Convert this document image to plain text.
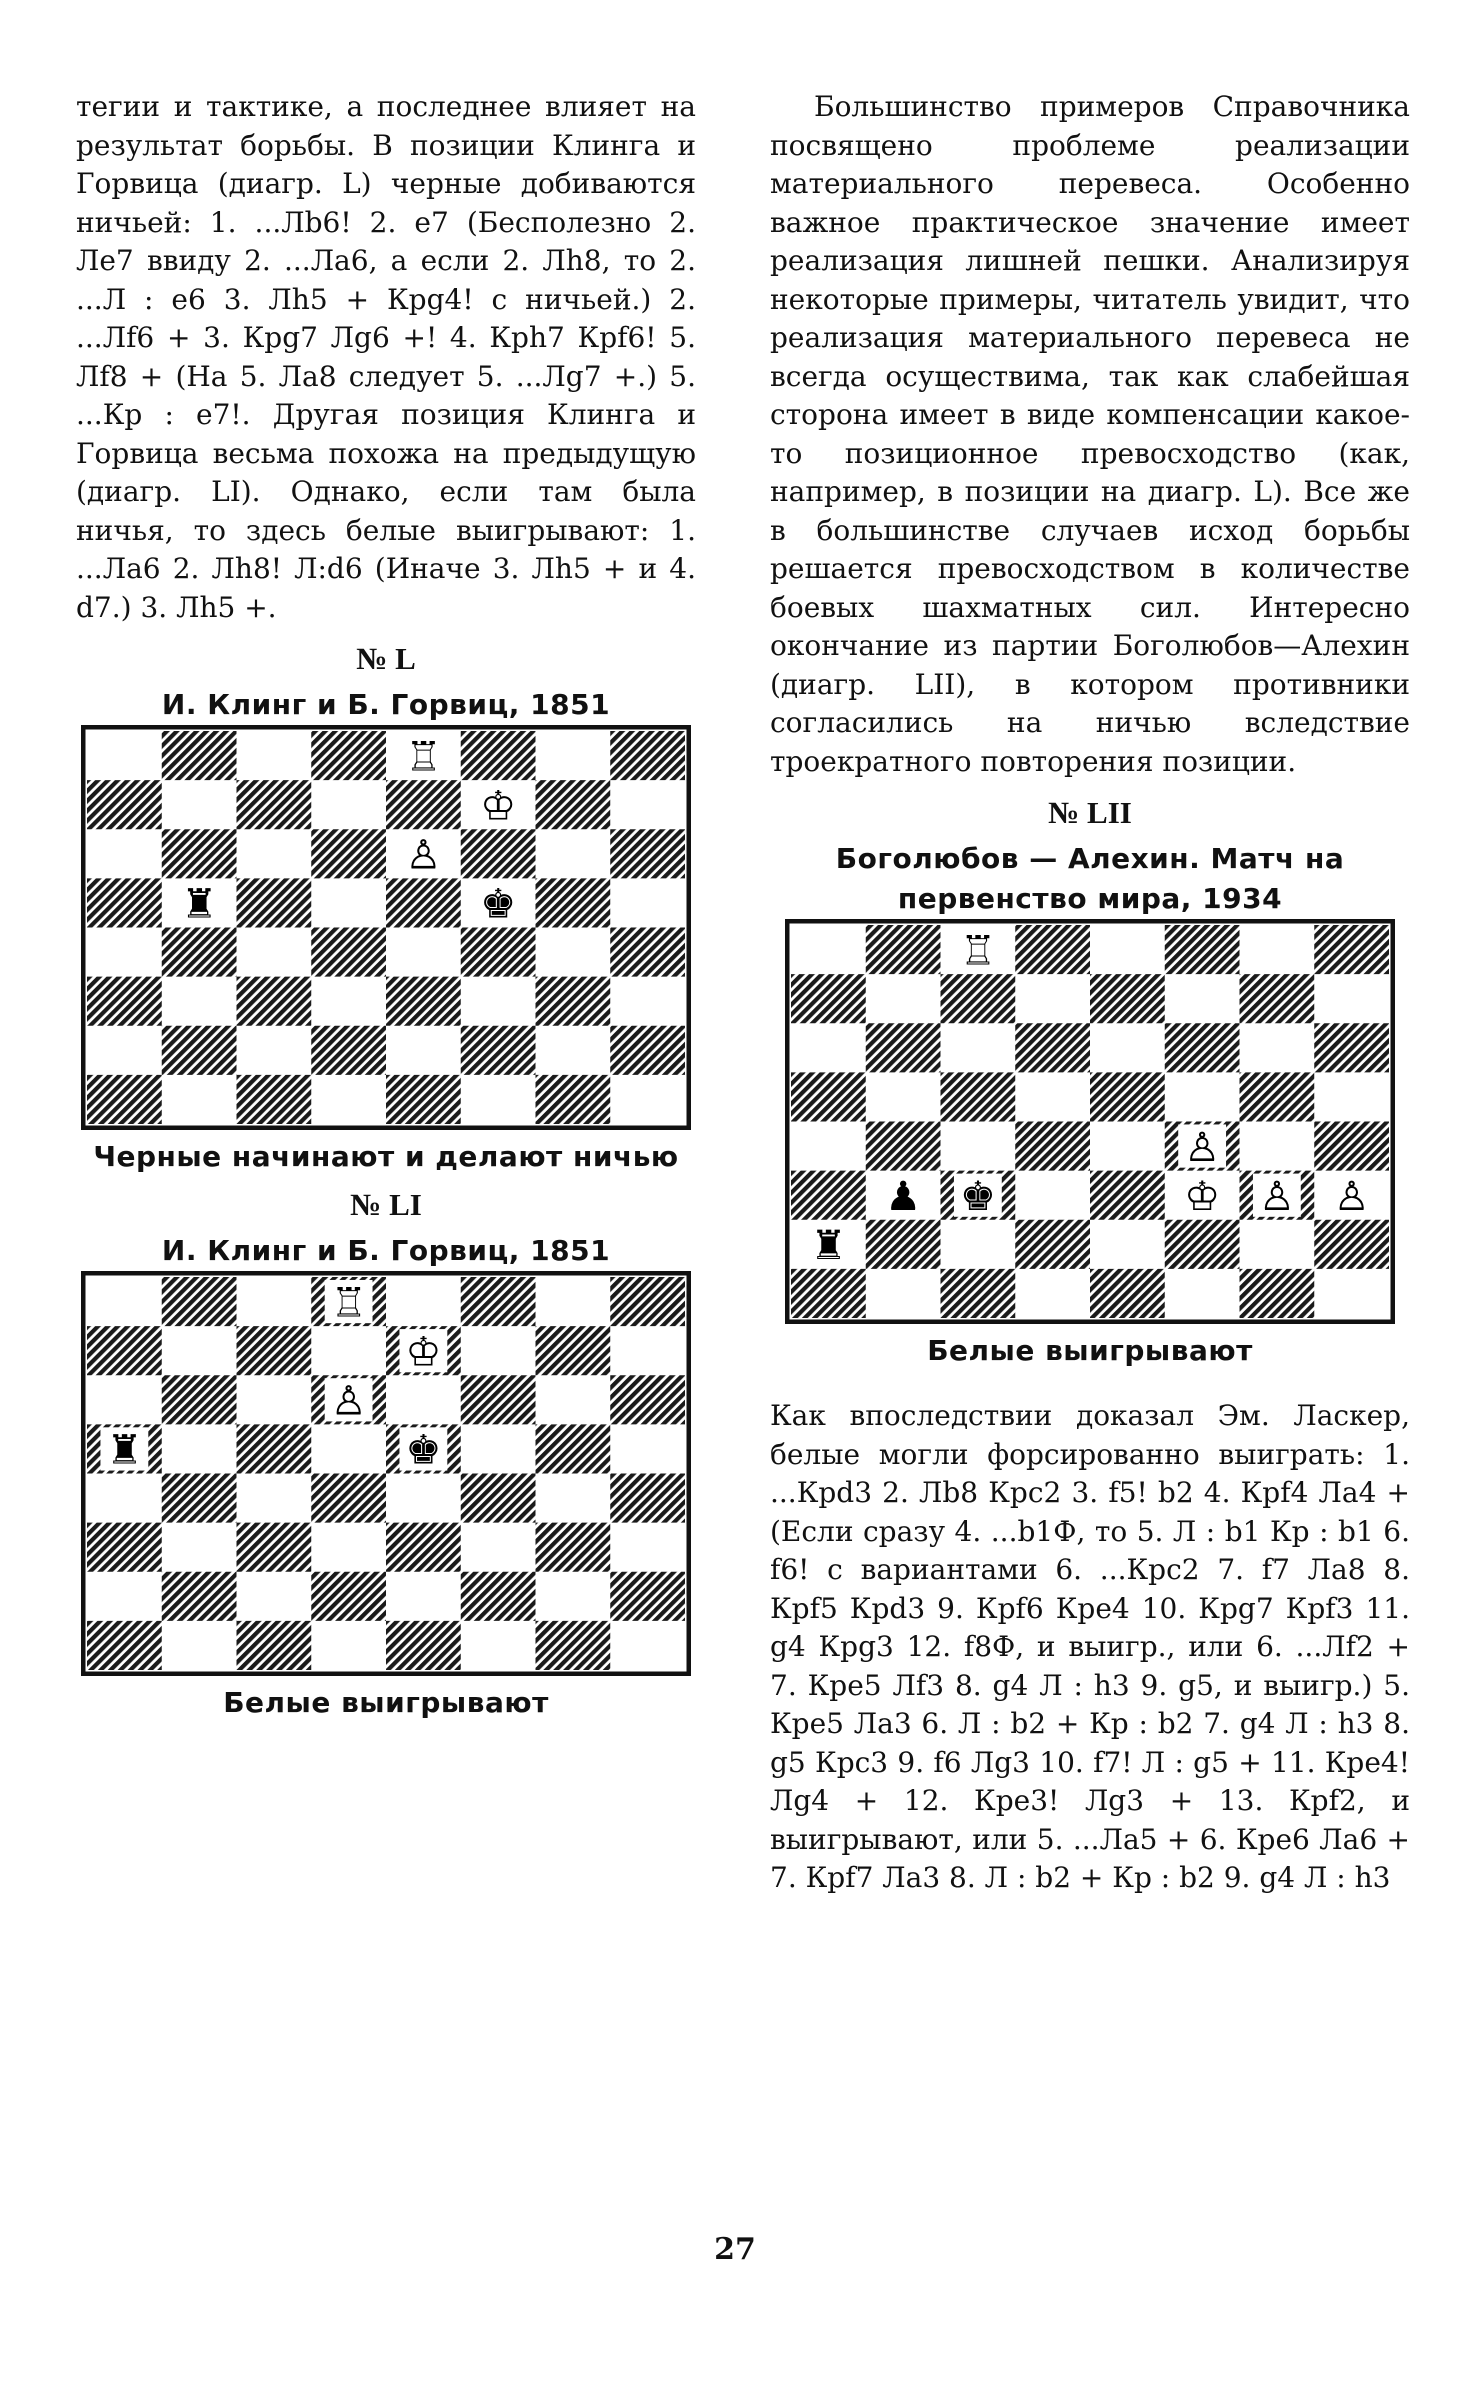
тегии и тактике, а последнее влияет на результат борьбы. В позиции Клинга и Горвица (диагр. L) черные добиваются ничьей: 1. ...Лb6! 2. е7 (Бесполезно 2. Ле7 ввиду 2. ...Ла6, а если 2. Лh8, то 2. ...Л : е6 3. Лh5 + Крg4! с ничьей.) 2. ...Лf6 + 3. Крg7 Лg6 +! 4. Крh7 Крf6! 5. Лf8 + (На 5. Ла8 следует 5. ...Лg7 +.) 5. ...Кр : е7!. Другая позиция Клинга и Горвица весьма похожа на предыдущую (диагр. LI). Однако, если там была ничья, то здесь белые выигрывают: 1. ...Ла6 2. Лh8! Л:d6 (Иначе 3. Лh5 + и 4. d7.) 3. Лh5 +.

№ L
И. Клинг и Б. Горвиц, 1851
♖
♔
♙
♜	♚
Черные начинают и делают ничью
№ LI
И. Клинг и Б. Горвиц, 1851
♖
♔
♙
♜	♚
Белые выигрывают

Большинство примеров Справочника посвящено проблеме реализации материального перевеса. Особенно важное практическое значение имеет реализация лишней пешки. Анализируя некоторые примеры, читатель увидит, что реализация материального перевеса не всегда осуществима, так как слабейшая сторона имеет в виде компенсации какое-то позиционное превосходство (как, например, в позиции на диагр. L). Все же в большинстве случаев исход борьбы решается превосходством в количестве боевых шахматных сил. Интересно окончание из партии Боголюбов—Алехин (диагр. LII), в котором противники согласились на ничью вследствие троекратного повторения позиции.

№ LII
Боголюбов — Алехин. Матч на
первенство мира, 1934
♖
♙
♔ ♙ ♙
♟ ♚
♜
Белые выигрывают

Как впоследствии доказал Эм. Ласкер, белые могли форсированно выиграть: 1. ...Крd3 2. Лb8 Крс2 3. f5! b2 4. Крf4 Ла4 + (Если сразу 4. ...b1Ф, то 5. Л : b1 Кр : b1 6. f6! с вариантами 6. ...Крс2 7. f7 Ла8 8. Крf5 Крd3 9. Крf6 Кре4 10. Крg7 Крf3 11. g4 Крg3 12. f8Ф, и выигр., или 6. ...Лf2 + 7. Кре5 Лf3 8. g4 Л : h3 9. g5, и выигр.) 5. Кре5 Ла3 6. Л : b2 + Кр : b2 7. g4 Л : h3 8. g5 Крс3 9. f6 Лg3 10. f7! Л : g5 + 11. Кре4! Лg4 + 12. Кре3! Лg3 + 13. Крf2, и выигрывают, или 5. ...Ла5 + 6. Кре6 Ла6 + 7. Крf7 Ла3 8. Л : b2 + Кр : b2 9. g4 Л : h3

27
